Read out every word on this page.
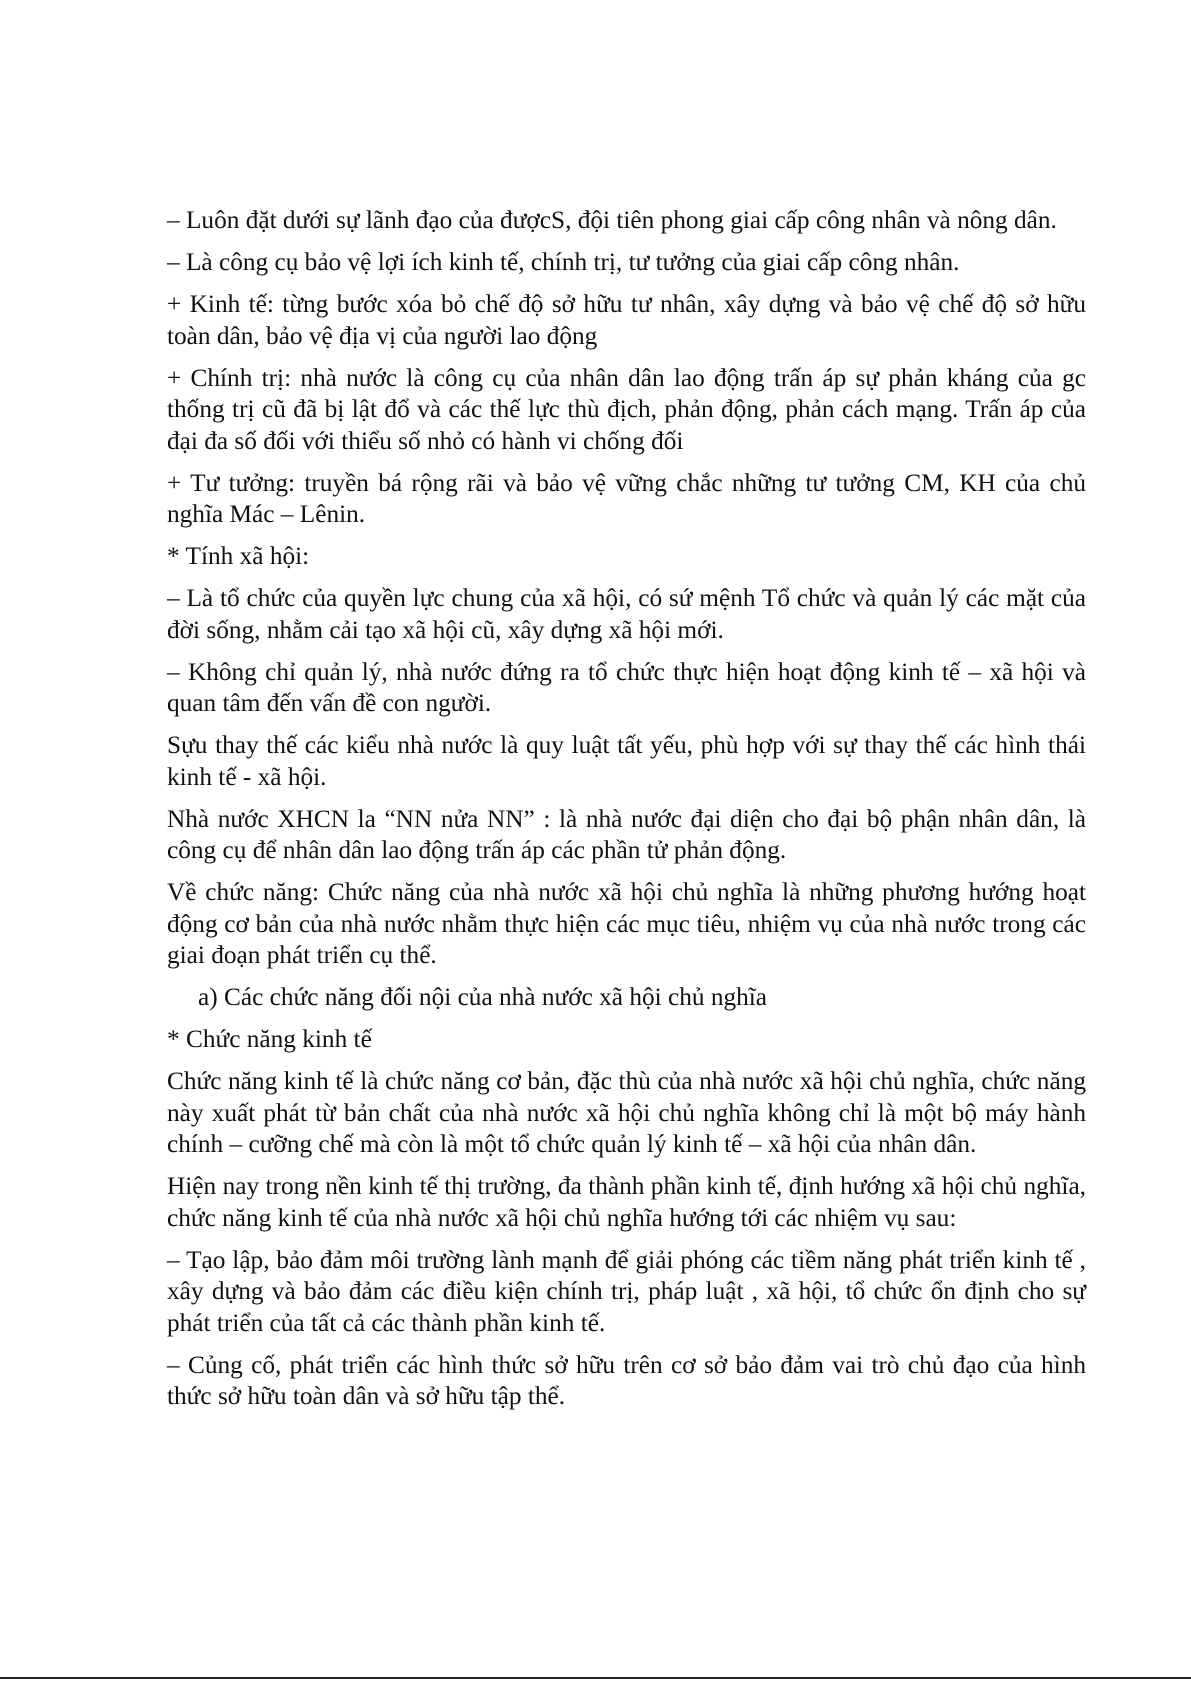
– Luôn đặt dưới sự lãnh đạo của đượcS, đội tiên phong giai cấp công nhân và nông dân.

– Là công cụ bảo vệ lợi ích kinh tế, chính trị, tư tưởng của giai cấp công nhân.

+ Kinh tế: từng bước xóa bỏ chế độ sở hữu tư nhân, xây dựng và bảo vệ chế độ sở hữu toàn dân, bảo vệ địa vị của người lao động

+ Chính trị: nhà nước là công cụ của nhân dân lao động trấn áp sự phản kháng của gc thống trị cũ đã bị lật đổ và các thế lực thù địch, phản động, phản cách mạng. Trấn áp của đại đa số đối với thiểu số nhỏ có hành vi chống đối

+ Tư tưởng: truyền bá rộng rãi và bảo vệ vững chắc những tư tưởng CM, KH của chủ nghĩa Mác – Lênin.

* Tính xã hội:

– Là tổ chức của quyền lực chung của xã hội, có sứ mệnh Tổ chức và quản lý các mặt của đời sống, nhằm cải tạo xã hội cũ, xây dựng xã hội mới.

– Không chỉ quản lý, nhà nước đứng ra tổ chức thực hiện hoạt động kinh tế – xã hội và quan tâm đến vấn đề con người.

Sựu thay thế các kiểu nhà nước là quy luật tất yếu, phù hợp với sự thay thế các hình thái kinh tế - xã hội.

Nhà nước XHCN la “NN nửa NN” : là nhà nước đại diện cho đại bộ phận nhân dân, là công cụ để nhân dân lao động trấn áp các phần tử phản động.

Về chức năng: Chức năng của nhà nước xã hội chủ nghĩa là những phương hướng hoạt động cơ bản của nhà nước nhằm thực hiện các mục tiêu, nhiệm vụ của nhà nước trong các giai đoạn phát triển cụ thể.

a) Các chức năng đối nội của nhà nước xã hội chủ nghĩa

* Chức năng kinh tế

Chức năng kinh tế là chức năng cơ bản, đặc thù của nhà nước xã hội chủ nghĩa, chức năng này xuất phát từ bản chất của nhà nước xã hội chủ nghĩa không chỉ là một bộ máy hành chính – cưỡng chế mà còn là một tổ chức quản lý kinh tế – xã hội của nhân dân.

Hiện nay trong nền kinh tế thị trường, đa thành phần kinh tế, định hướng xã hội chủ nghĩa, chức năng kinh tế của nhà nước xã hội chủ nghĩa hướng tới các nhiệm vụ sau:

– Tạo lập, bảo đảm môi trường lành mạnh để giải phóng các tiềm năng phát triển kinh tế , xây dựng và bảo đảm các điều kiện chính trị, pháp luật , xã hội, tổ chức ổn định cho sự phát triển của tất cả các thành phần kinh tế.

– Củng cố, phát triển các hình thức sở hữu trên cơ sở bảo đảm vai trò chủ đạo của hình thức sở hữu toàn dân và sở hữu tập thể.
